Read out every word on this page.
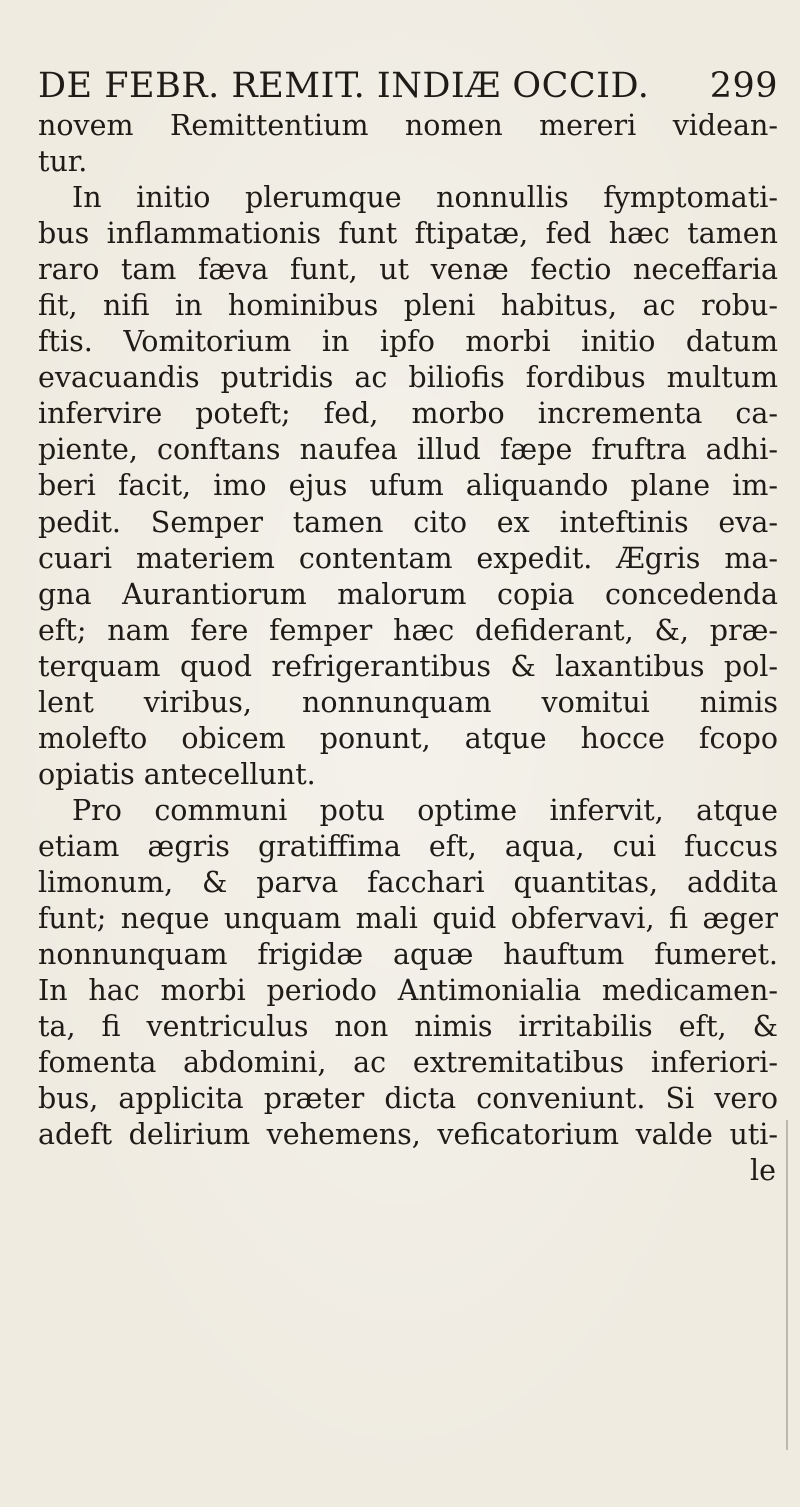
DE FEBR. REMIT. INDIÆ OCCID. 299
novem Remittentium nomen mereri videan-
tur.
In initio plerumque nonnullis fymptomati-
bus inflammationis funt ftipatæ, fed hæc tamen
raro tam fæva funt, ut venæ fectio neceffaria
fit, nifi in hominibus pleni habitus, ac robu-
ftis. Vomitorium in ipfo morbi initio datum
evacuandis putridis ac biliofis fordibus multum
infervire poteft; fed, morbo incrementa ca-
piente, conftans naufea illud fæpe fruftra adhi-
beri facit, imo ejus ufum aliquando plane im-
pedit. Semper tamen cito ex inteftinis eva-
cuari materiem contentam expedit. Ægris ma-
gna Aurantiorum malorum copia concedenda
eft; nam fere femper hæc defiderant, &, præ-
terquam quod refrigerantibus & laxantibus pol-
lent viribus, nonnunquam vomitui nimis
molefto obicem ponunt, atque hocce fcopo
opiatis antecellunt.
Pro communi potu optime infervit, atque
etiam ægris gratiffima eft, aqua, cui fuccus
limonum, & parva facchari quantitas, addita
funt; neque unquam mali quid obfervavi, fi æger
nonnunquam frigidæ aquæ hauftum fumeret.
In hac morbi periodo Antimonialia medicamen-
ta, fi ventriculus non nimis irritabilis eft, &
fomenta abdomini, ac extremitatibus inferiori-
bus, applicita præter dicta conveniunt. Si vero
adeft delirium vehemens, veficatorium valde uti-
le
